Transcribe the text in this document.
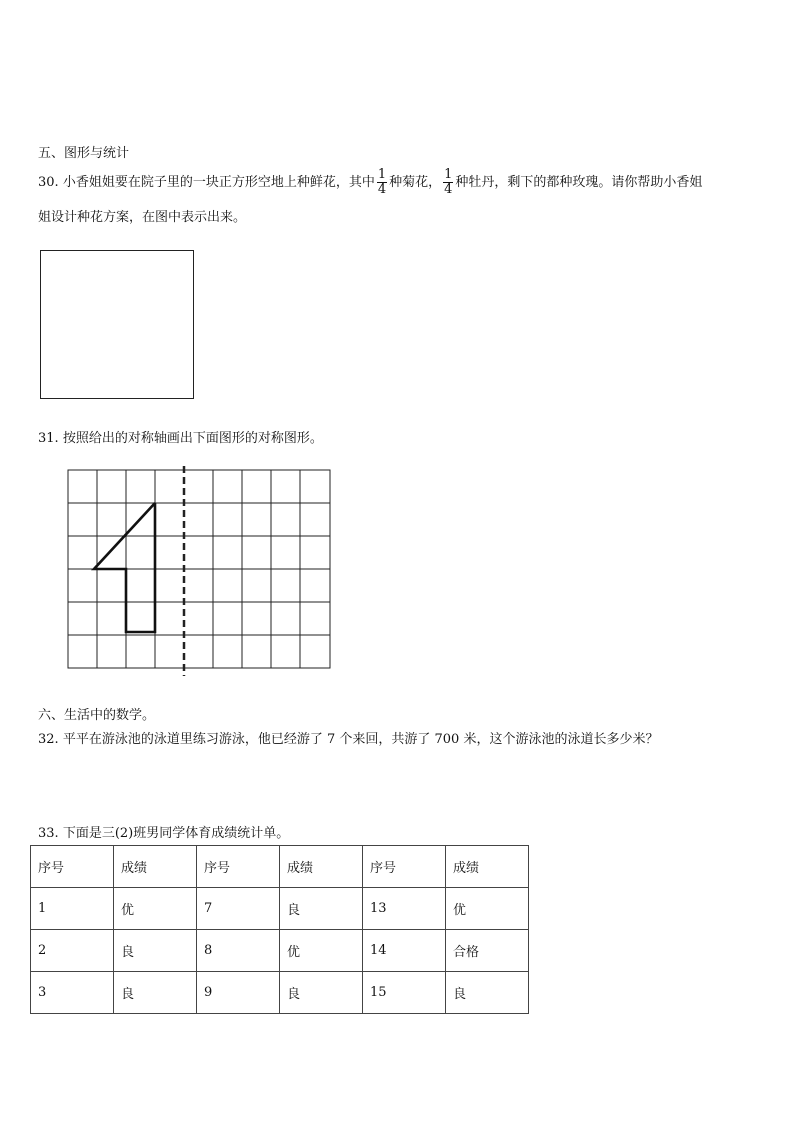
五、图形与统计
30. 小香姐姐要在院子里的一块正方形空地上种鲜花，其中 $\frac{1}{4}$ 种菊花， $\frac{1}{4}$ 种牡丹，剩下的都种玫瑰。请你帮助小香姐
姐设计种花方案，在图中表示出来。
31. 按照给出的对称轴画出下面图形的对称图形。
六、生活中的数学。
32. 平平在游泳池的泳道里练习游泳，他已经游了 7 个来回，共游了 700 米，这个游泳池的泳道长多少米？
33. 下面是三(2)班男同学体育成绩统计单。
序号	成绩	序号	成绩	序号	成绩
1	优	7	良	13	优
2	良	8	优	14	合格
3	良	9	良	15	良
